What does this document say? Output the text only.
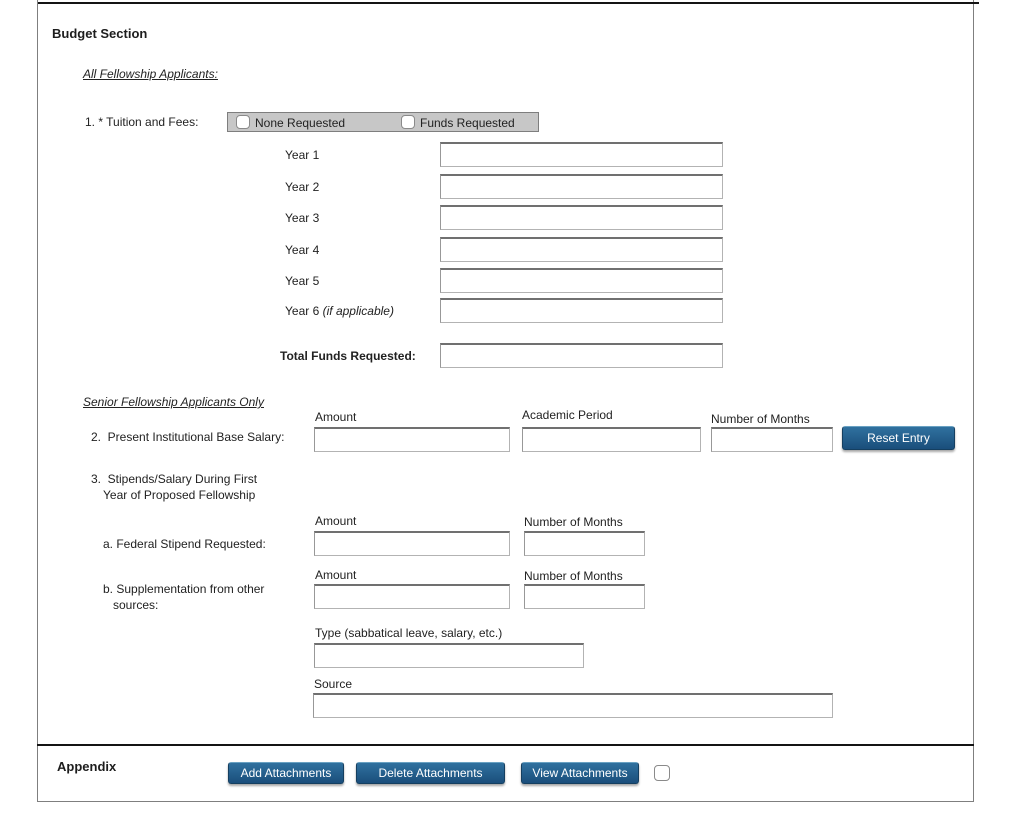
Budget Section
All Fellowship Applicants:
1. * Tuition and Fees:	None Requested	Funds Requested
Year 1
Year 2
Year 3
Year 4
Year 5
Year 6 (if applicable)
Total Funds Requested:
Senior Fellowship Applicants Only
Amount	Academic Period	Number of Months
2.  Present Institutional Base Salary:	Reset Entry
3.  Stipends/Salary During First
Year of Proposed Fellowship
Amount	Number of Months
a. Federal Stipend Requested:
Amount	Number of Months
b. Supplementation from other
sources:
Type (sabbatical leave, salary, etc.)
Source
Appendix	Add Attachments	Delete Attachments	View Attachments
